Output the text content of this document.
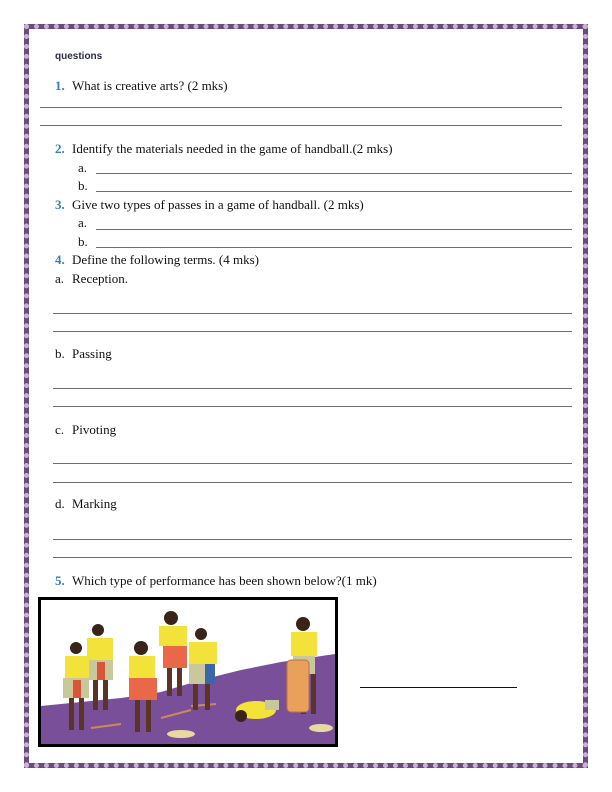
questions
1. What is creative arts? (2 mks)
2. Identify the materials needed in the game of handball.(2 mks)
a.
b.
3. Give two types of passes in a game of handball. (2 mks)
a.
b.
4. Define the following terms. (4 mks)
a. Reception.
b. Passing
c. Pivoting
d. Marking
5. Which type of performance has been shown below?(1 mk)
